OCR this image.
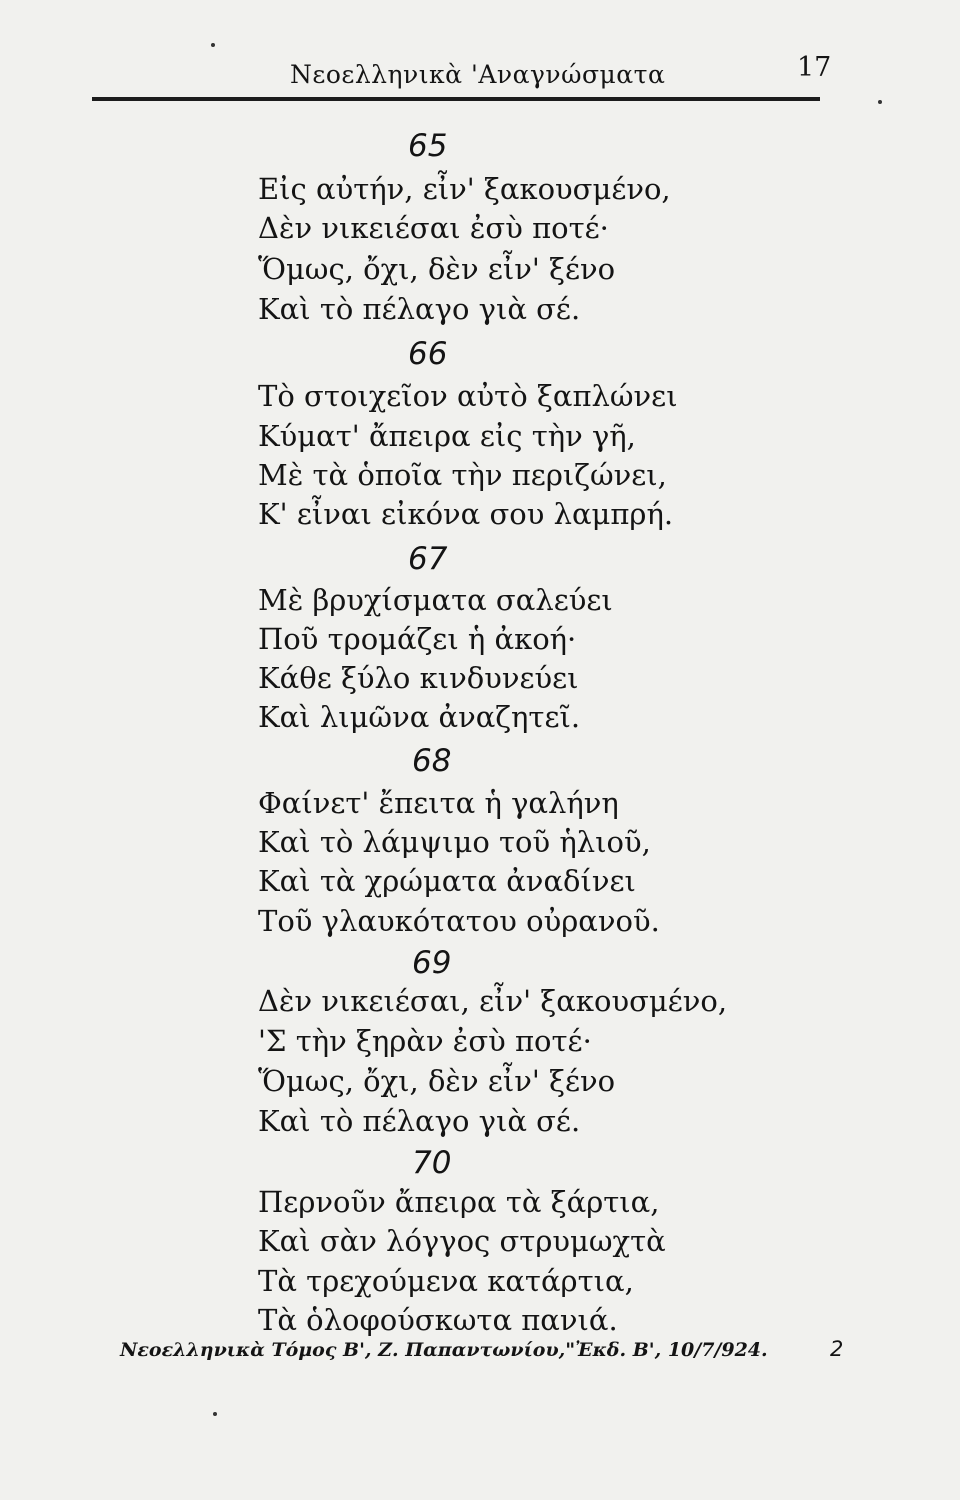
Νεοελληνικὰ 'Αναγνώσματα	17
65
Εἰς αὐτήν, εἶν' ξακουσμένο,
Δὲν νικειέσαι ἐσὺ ποτέ·
Ὅμως, ὄχι, δὲν εἶν' ξένο
Καὶ τὸ πέλαγο γιὰ σέ.
66
Τὸ στοιχεῖον αὐτὸ ξαπλώνει
Κύματ' ἄπειρα εἰς τὴν γῆ,
Μὲ τὰ ὁποῖα τὴν περιζώνει,
Κ' εἶναι εἰκόνα σου λαμπρή.
67
Μὲ βρυχίσματα σαλεύει
Ποῦ τρομάζει ἡ ἀκοή·
Κάθε ξύλο κινδυνεύει
Καὶ λιμῶνα ἀναζητεῖ.
68
Φαίνετ' ἔπειτα ἡ γαλήνη
Καὶ τὸ λάμψιμο τοῦ ἡλιοῦ,
Καὶ τὰ χρώματα ἀναδίνει
Τοῦ γλαυκότατου οὐρανοῦ.
69
Δὲν νικειέσαι, εἶν' ξακουσμένο,
'Σ τὴν ξηρὰν ἐσὺ ποτέ·
Ὅμως, ὄχι, δὲν εἶν' ξένο
Καὶ τὸ πέλαγο γιὰ σέ.
70
Περνοῦν ἄπειρα τὰ ξάρτια,
Καὶ σὰν λόγγος στρυμωχτὰ
Τὰ τρεχούμενα κατάρτια,
Τὰ ὁλοφούσκωτα πανιά.
Νεοελληνικὰ Τόμος Β', Ζ. Παπαντωνίου,"Ἐκδ. Β', 10/7/924.	2
